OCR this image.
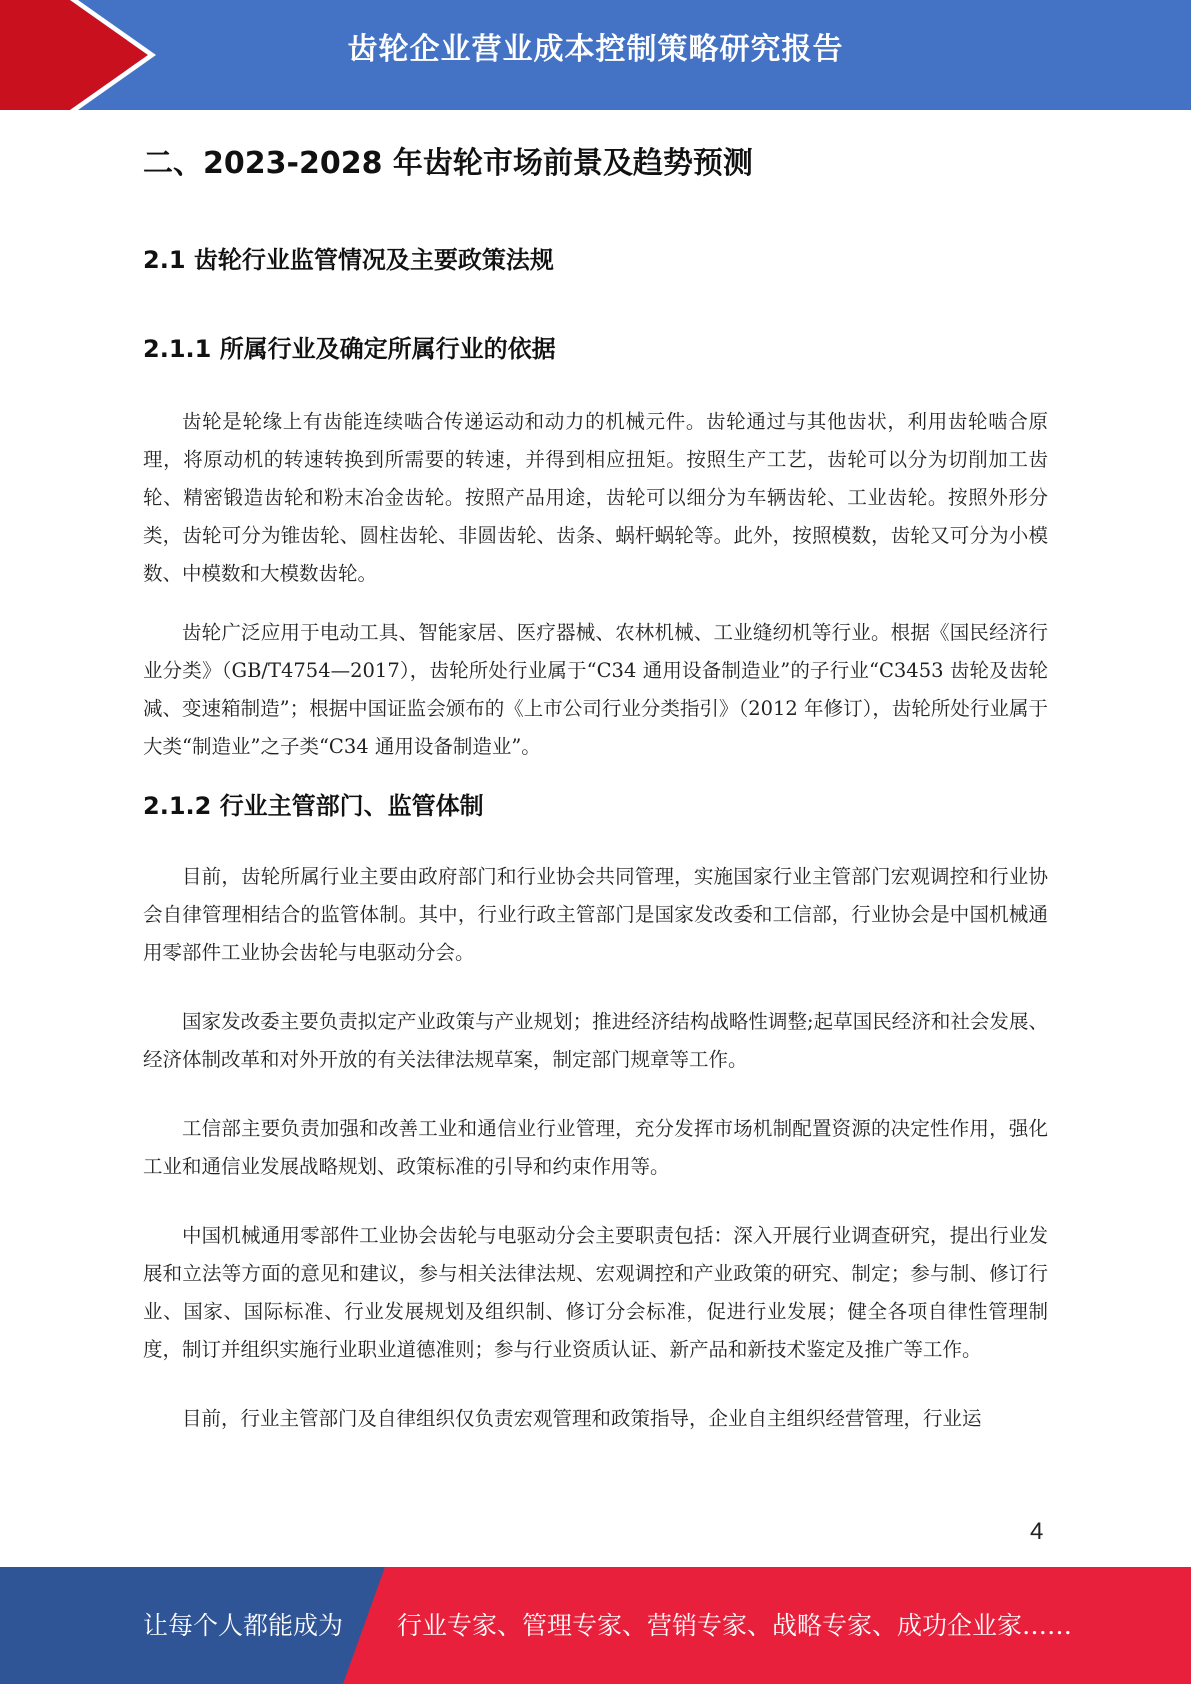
齿轮企业营业成本控制策略研究报告
二、2023-2028 年齿轮市场前景及趋势预测
2.1 齿轮行业监管情况及主要政策法规
2.1.1 所属行业及确定所属行业的依据

齿轮是轮缘上有齿能连续啮合传递运动和动力的机械元件。齿轮通过与其他齿状，利用齿轮啮合原理，将原动机的转速转换到所需要的转速，并得到相应扭矩。按照生产工艺，齿轮可以分为切削加工齿轮、精密锻造齿轮和粉末冶金齿轮。按照产品用途，齿轮可以细分为车辆齿轮、工业齿轮。按照外形分类，齿轮可分为锥齿轮、圆柱齿轮、非圆齿轮、齿条、蜗杆蜗轮等。此外，按照模数，齿轮又可分为小模数、中模数和大模数齿轮。

齿轮广泛应用于电动工具、智能家居、医疗器械、农林机械、工业缝纫机等行业。根据《国民经济行业分类》（GB/T4754—2017），齿轮所处行业属于“C34 通用设备制造业”的子行业“C3453 齿轮及齿轮减、变速箱制造”；根据中国证监会颁布的《上市公司行业分类指引》（2012 年修订），齿轮所处行业属于大类“制造业”之子类“C34 通用设备制造业”。

2.1.2 行业主管部门、监管体制

目前，齿轮所属行业主要由政府部门和行业协会共同管理，实施国家行业主管部门宏观调控和行业协会自律管理相结合的监管体制。其中，行业行政主管部门是国家发改委和工信部，行业协会是中国机械通用零部件工业协会齿轮与电驱动分会。

国家发改委主要负责拟定产业政策与产业规划；推进经济结构战略性调整;起草国民经济和社会发展、经济体制改革和对外开放的有关法律法规草案，制定部门规章等工作。

工信部主要负责加强和改善工业和通信业行业管理，充分发挥市场机制配置资源的决定性作用，强化工业和通信业发展战略规划、政策标准的引导和约束作用等。

中国机械通用零部件工业协会齿轮与电驱动分会主要职责包括：深入开展行业调查研究，提出行业发展和立法等方面的意见和建议，参与相关法律法规、宏观调控和产业政策的研究、制定；参与制、修订行业、国家、国际标准、行业发展规划及组织制、修订分会标准，促进行业发展；健全各项自律性管理制度，制订并组织实施行业职业道德准则；参与行业资质认证、新产品和新技术鉴定及推广等工作。

目前，行业主管部门及自律组织仅负责宏观管理和政策指导，企业自主组织经营管理，行业运

4
让每个人都能成为 行业专家、管理专家、营销专家、战略专家、成功企业家……
